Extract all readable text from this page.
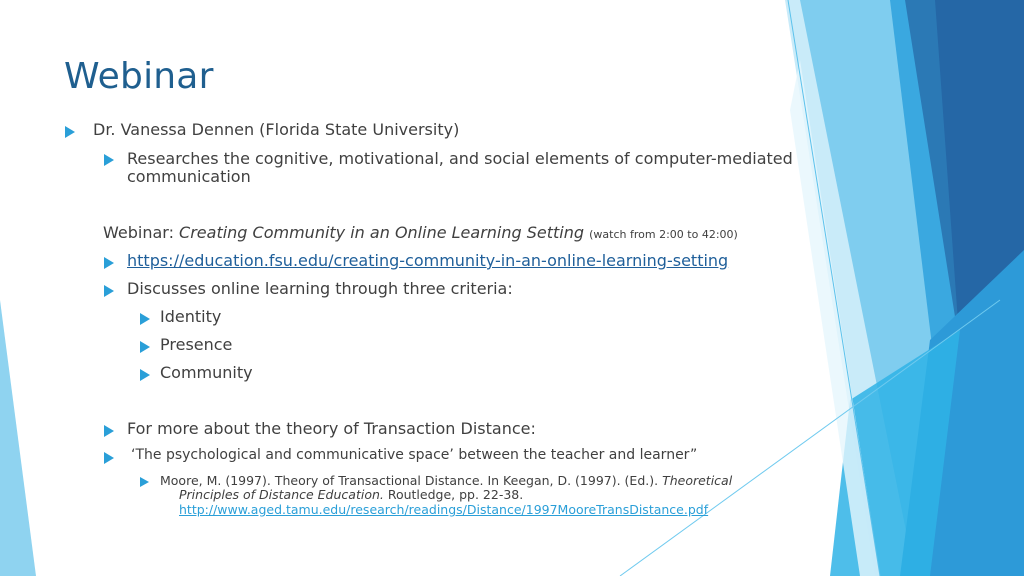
Webinar
Dr. Vanessa Dennen (Florida State University)
Researches the cognitive, motivational, and social elements of computer-mediated
communication
Webinar: Creating Community in an Online Learning Setting (watch from 2:00 to 42:00)
https://education.fsu.edu/creating-community-in-an-online-learning-setting
Discusses online learning through three criteria:
Identity
Presence
Community
For more about the theory of Transaction Distance:
‘The psychological and communicative space’ between the teacher and learner”
Moore, M. (1997). Theory of Transactional Distance. In Keegan, D. (1997). (Ed.). Theoretical
Principles of Distance Education. Routledge, pp. 22-38.
http://www.aged.tamu.edu/research/readings/Distance/1997MooreTransDistance.pdf
